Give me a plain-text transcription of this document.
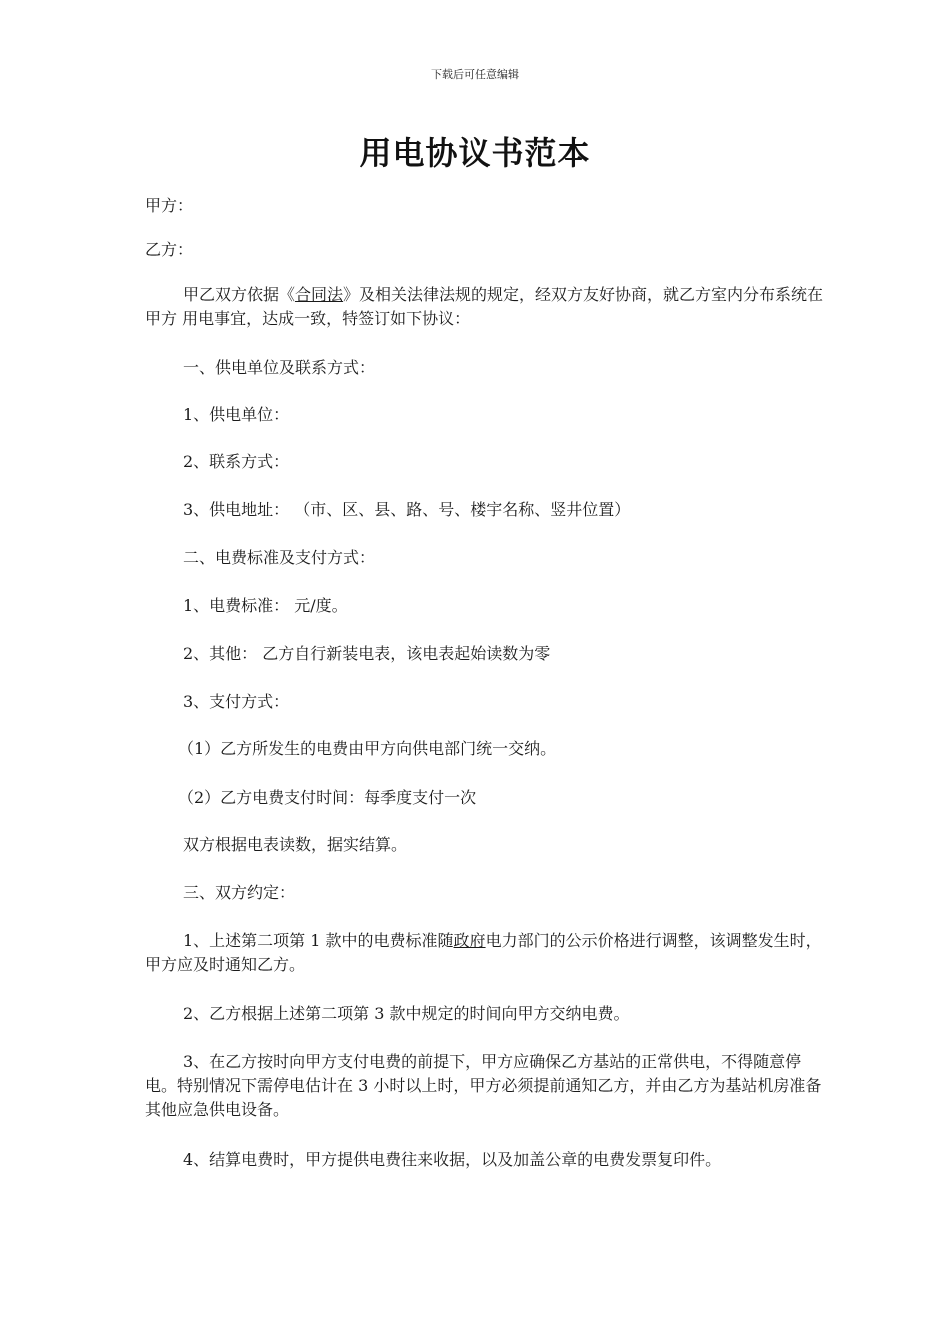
下载后可任意编辑
用电协议书范本
甲方：
乙方：
甲乙双方依据《合同法》及相关法律法规的规定，经双方友好协商，就乙方室内分布系统在甲方 用电事宜，达成一致，特签订如下协议：
一、供电单位及联系方式：
1、供电单位：
2、联系方式：
3、供电地址： （市、区、县、路、号、楼宇名称、竖井位置）
二、电费标准及支付方式：
1、电费标准： 元/度。
2、其他： 乙方自行新装电表，该电表起始读数为零
3、支付方式：
（1）乙方所发生的电费由甲方向供电部门统一交纳。
（2）乙方电费支付时间：每季度支付一次
双方根据电表读数，据实结算。
三、双方约定：
1、上述第二项第 1 款中的电费标准随政府电力部门的公示价格进行调整，该调整发生时，甲方应及时通知乙方。
2、乙方根据上述第二项第 3 款中规定的时间向甲方交纳电费。
3、在乙方按时向甲方支付电费的前提下，甲方应确保乙方基站的正常供电，不得随意停电。特别情况下需停电估计在 3 小时以上时，甲方必须提前通知乙方，并由乙方为基站机房准备其他应急供电设备。
4、结算电费时，甲方提供电费往来收据，以及加盖公章的电费发票复印件。
